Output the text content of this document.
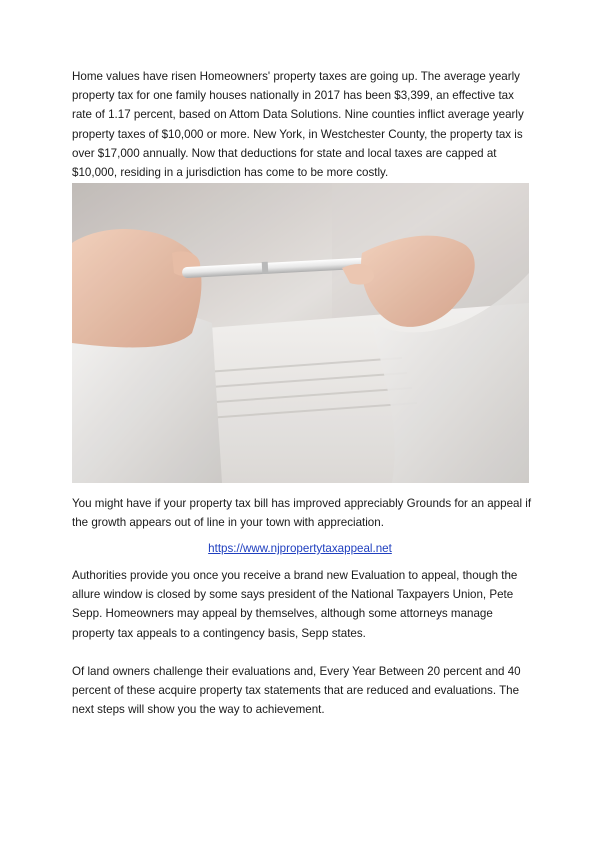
Home values have risen Homeowners' property taxes are going up. The average yearly property tax for one family houses nationally in 2017 has been $3,399, an effective tax rate of 1.17 percent, based on Attom Data Solutions. Nine counties inflict average yearly property taxes of $10,000 or more. New York, in Westchester County, the property tax is over $17,000 annually. Now that deductions for state and local taxes are capped at $10,000, residing in a jurisdiction has come to be more costly.

You might have if your property tax bill has improved appreciably Grounds for an appeal if the growth appears out of line in your town with appreciation.

https://www.njpropertytaxappeal.net

Authorities provide you once you receive a brand new Evaluation to appeal, though the allure window is closed by some says president of the National Taxpayers Union, Pete Sepp. Homeowners may appeal by themselves, although some attorneys manage property tax appeals to a contingency basis, Sepp states.

Of land owners challenge their evaluations and, Every Year Between 20 percent and 40 percent of these acquire property tax statements that are reduced and evaluations. The next steps will show you the way to achievement.
